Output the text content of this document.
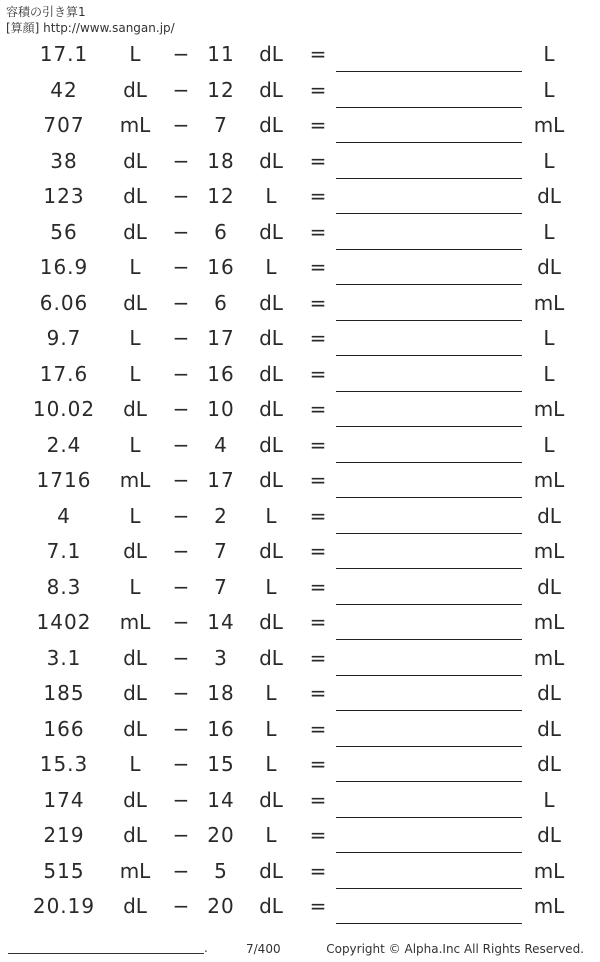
容積の引き算1
[算顔] http://www.sangan.jp/
17.1	L	− 11	dL	=	L
42	dL	− 12	dL	=	L
707	mL	−	7	dL	=	mL
38	dL	− 18	dL	=	L
123	dL	− 12	L	=	dL
56	dL	−	6	dL	=	L
16.9	L	− 16	L	=	dL
6.06	dL	−	6	dL	=	mL
9.7	L	− 17	dL	=	L
17.6	L	− 16	dL	=	L
10.02	dL	− 10	dL	=	mL
2.4	L	−	4	dL	=	L
1716	mL	− 17	dL	=	mL
4	L	−	2	L	=	dL
7.1	dL	−	7	dL	=	mL
8.3	L	−	7	L	=	dL
1402	mL	− 14	dL	=	mL
3.1	dL	−	3	dL	=	mL
185	dL	− 18	L	=	dL
166	dL	− 16	L	=	dL
15.3	L	− 15	L	=	dL
174	dL	− 14	dL	=	L
219	dL	− 20	L	=	dL
515	mL	−	5	dL	=	mL
20.19	dL	− 20	dL	=	mL
.	7/400	Copyright © Alpha.Inc All Rights Reserved.
